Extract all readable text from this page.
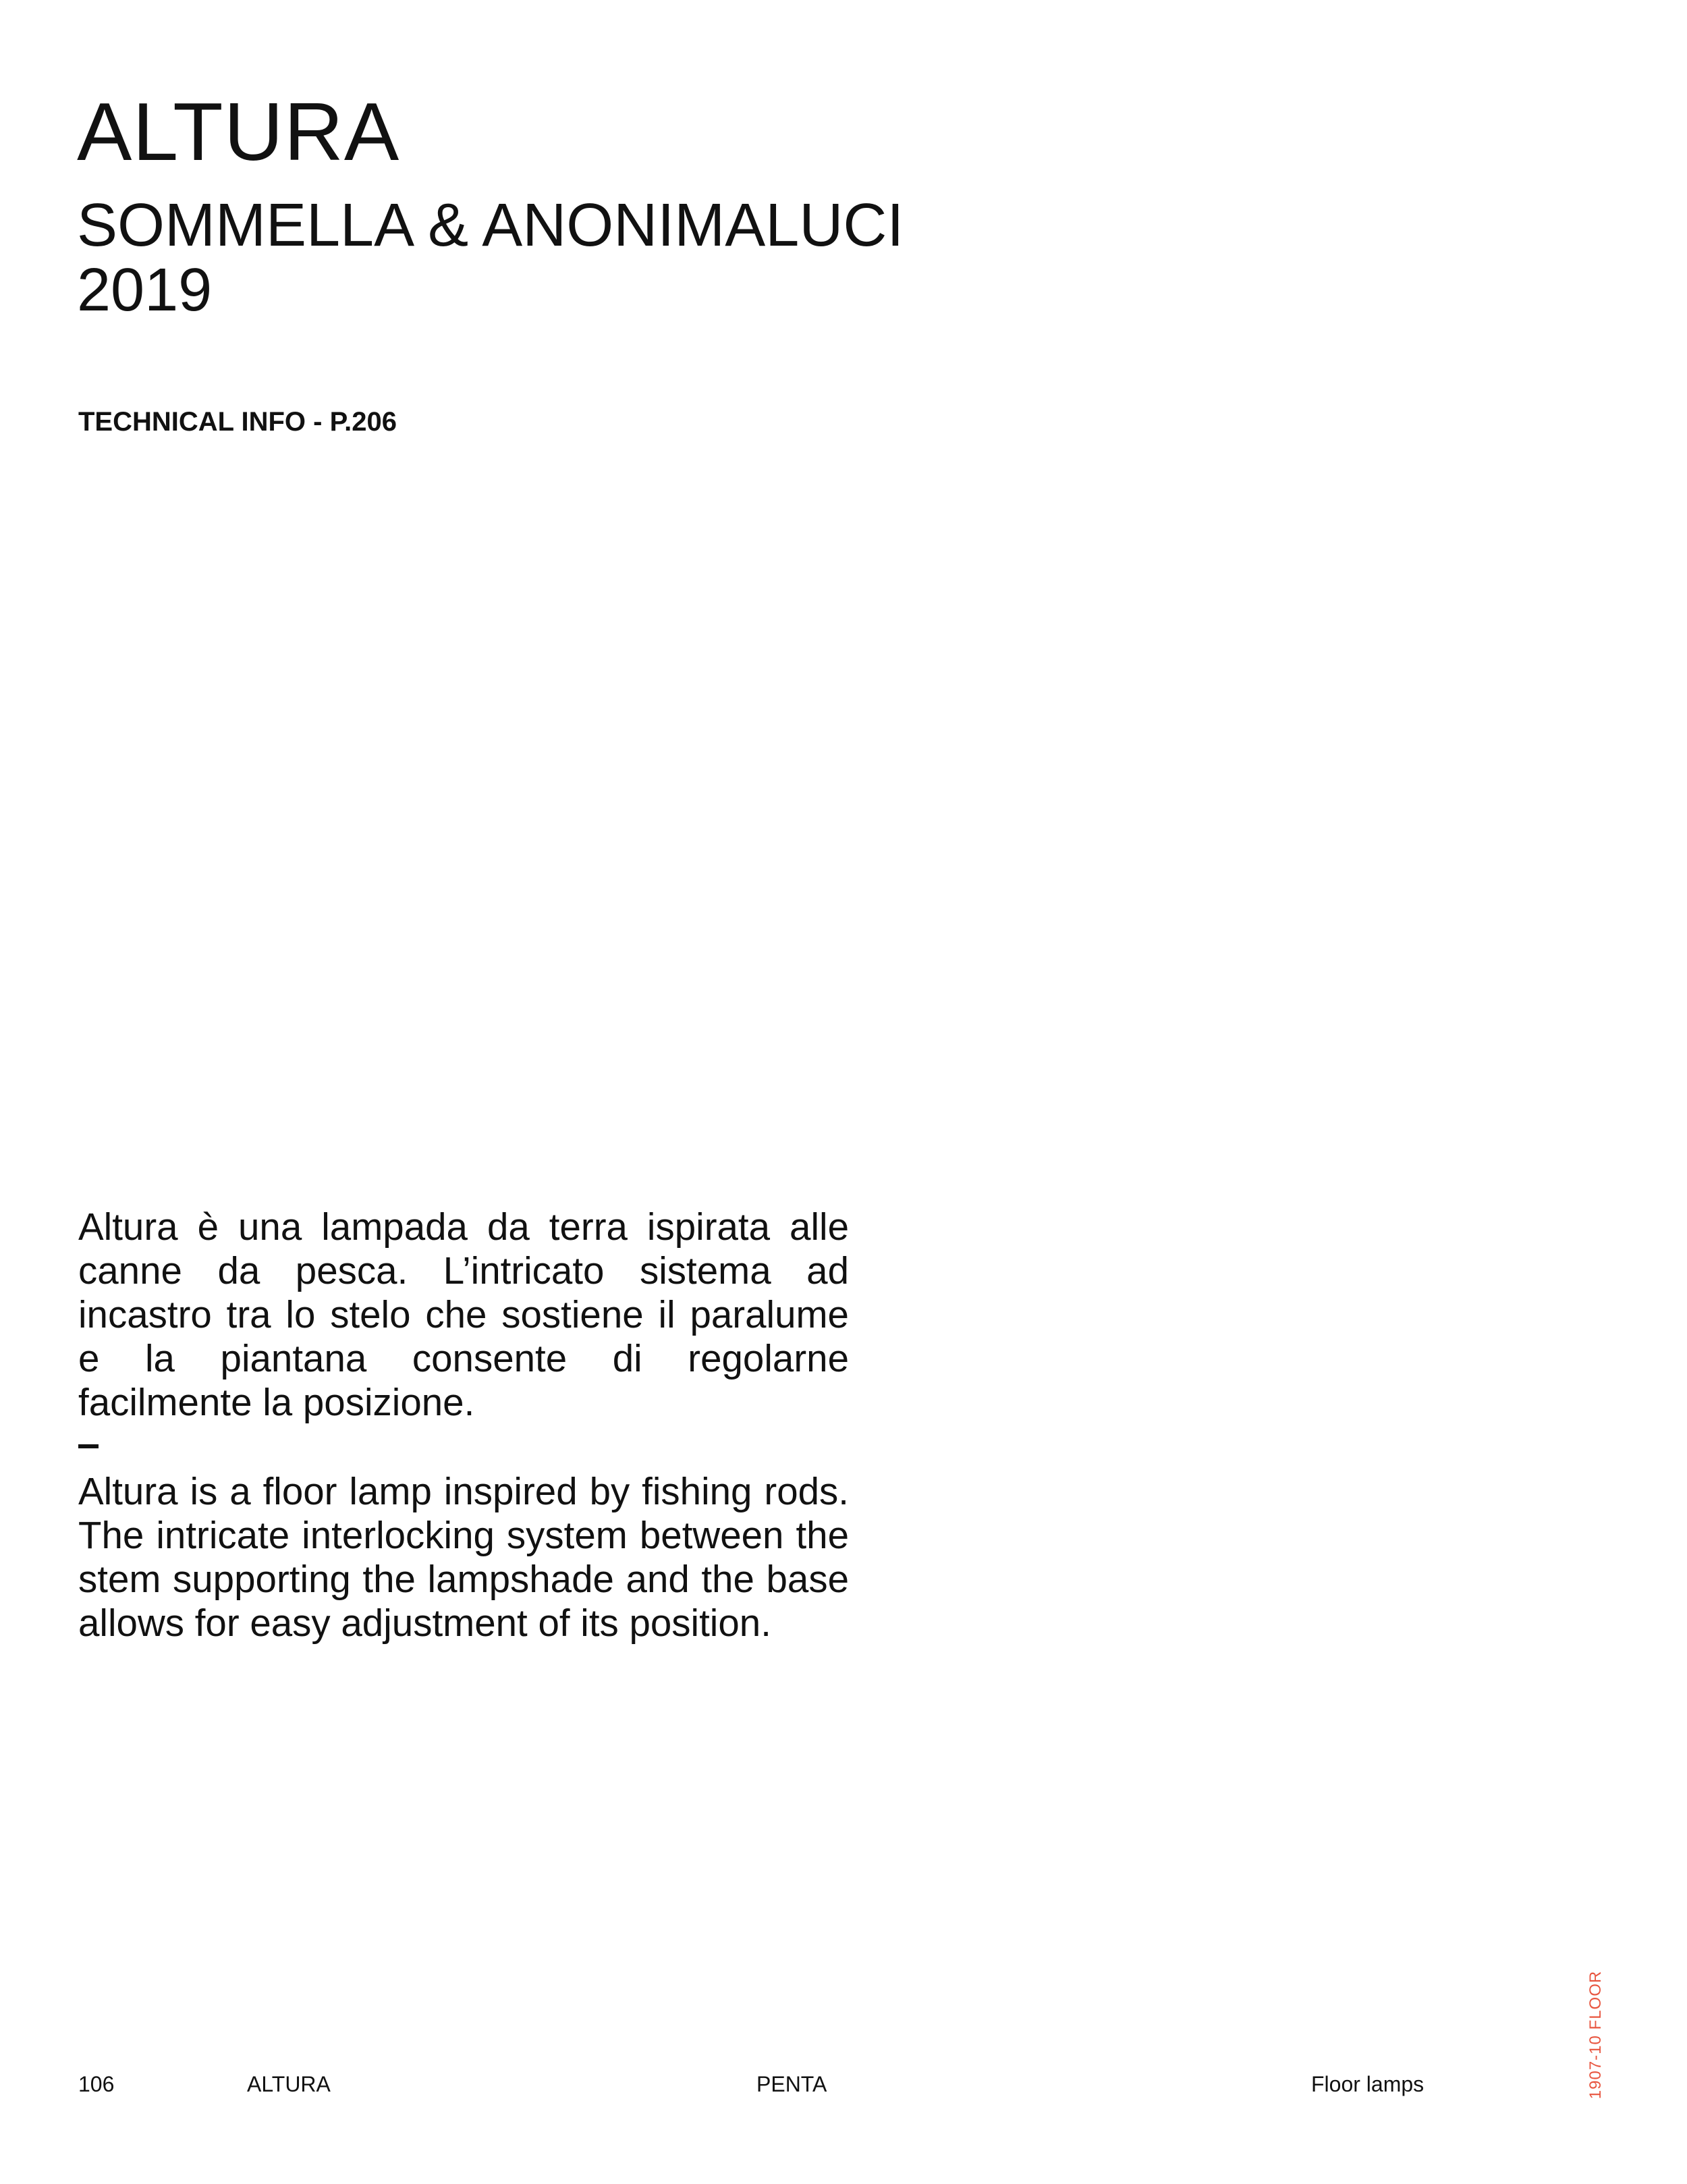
ALTURA
SOMMELLA & ANONIMALUCI
2019
TECHNICAL INFO - P.206

Altura è una lampada da terra ispirata alle canne da pesca. L’intricato sistema ad incastro tra lo stelo che sostiene il paralume e la piantana consente di regolarne facilmente la posizione.

Altura is a floor lamp inspired by fishing rods. The intricate interlocking system between the stem supporting the lampshade and the base allows for easy adjustment of its position.

106	ALTURA	PENTA	Floor lamps	1907-10 FLOOR
